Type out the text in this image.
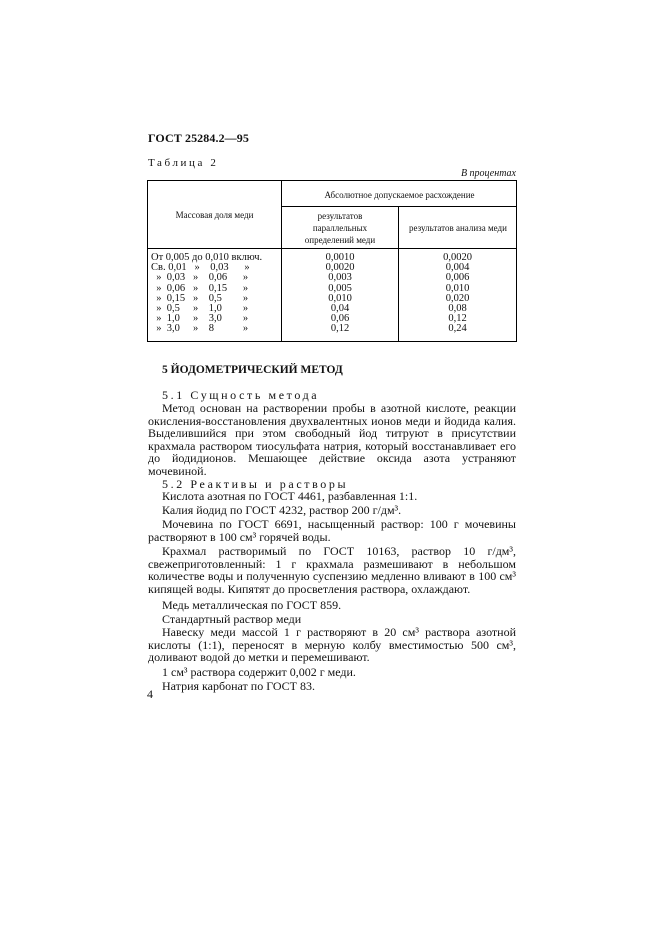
ГОСТ 25284.2—95
Таблица 2
В процентах
Массовая доля меди
Абсолютное допускаемое расхождение
результатов
параллельных
определений меди
результатов анализа меди
От 0,005 до 0,010 включ.
Св. 0,01   »    0,03      »
»  0,03   »    0,06      »
»  0,06   »    0,15      »
»  0,15   »    0,5        »
»  0,5     »    1,0        »
»  1,0     »    3,0        »
»  3,0     »    8           »
0,0010
0,0020
0,003
0,005
0,010
0,04
0,06
0,12
0,0020
0,004
0,006
0,010
0,020
0,08
0,12
0,24
5 ЙОДОМЕТРИЧЕСКИЙ МЕТОД
5.1 Сущность метода
Метод основан на растворении пробы в азотной кислоте, реакции окисления-восстановления двухвалентных ионов меди и йодида калия. Выделившийся при этом свободный йод титруют в присутствии крахмала раствором тиосульфата натрия, который восстанавливает его до йодидионов. Мешающее действие оксида азота устраняют мочевиной.
5.2 Реактивы и растворы
Кислота азотная по ГОСТ 4461, разбавленная 1:1.
Калия йодид по ГОСТ 4232, раствор 200 г/дм³.
Мочевина по ГОСТ 6691, насыщенный раствор: 100 г мочевины растворяют в 100 см³ горячей воды.
Крахмал растворимый по ГОСТ 10163, раствор 10 г/дм³, свежеприготовленный: 1 г крахмала размешивают в небольшом количестве воды и полученную суспензию медленно вливают в 100 см³ кипящей воды. Кипятят до просветления раствора, охлаждают.
Медь металлическая по ГОСТ 859.
Стандартный раствор меди
Навеску меди массой 1 г растворяют в 20 см³ раствора азотной кислоты (1:1), переносят в мерную колбу вместимостью 500 см³, доливают водой до метки и перемешивают.
1 см³ раствора содержит 0,002 г меди.
Натрия карбонат по ГОСТ 83.
4
